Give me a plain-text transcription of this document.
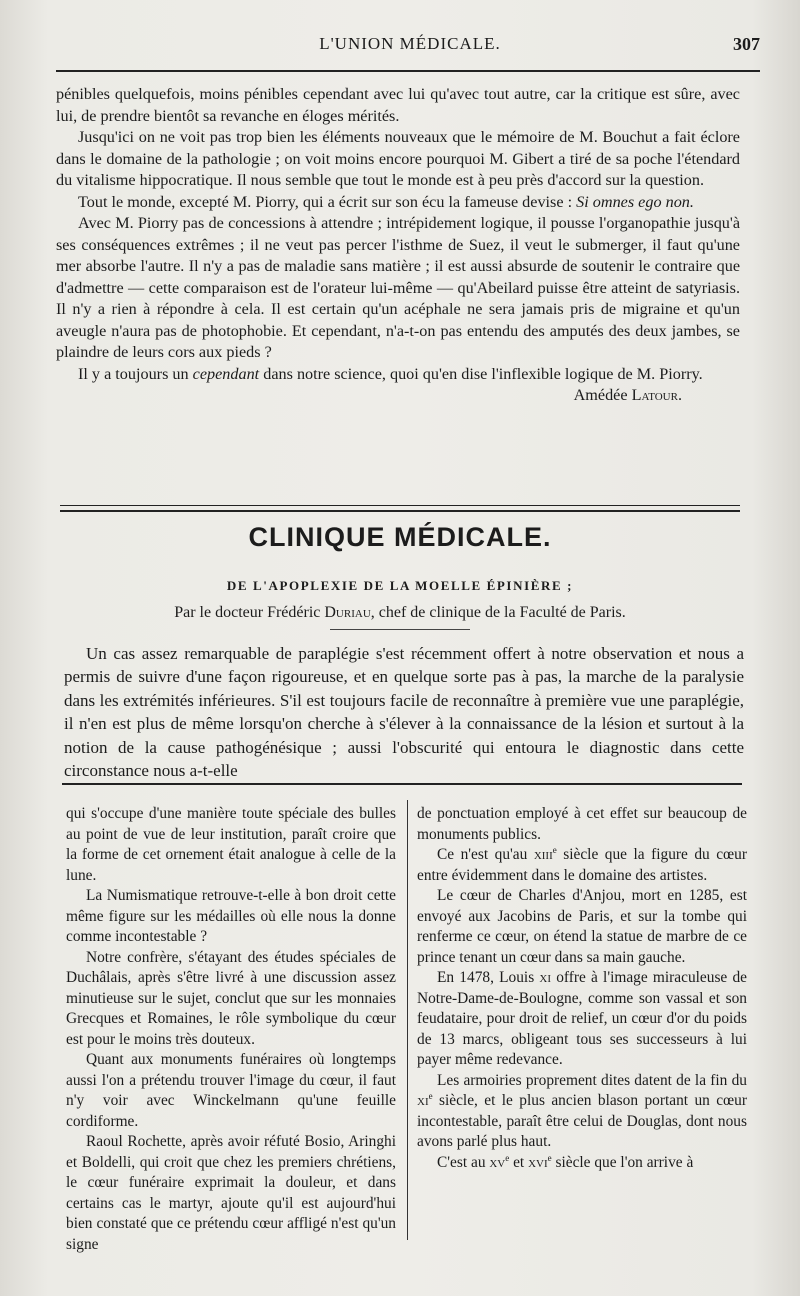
L'UNION MÉDICALE.	307

pénibles quelquefois, moins pénibles cependant avec lui qu'avec tout autre, car la critique est sûre, avec lui, de prendre bientôt sa revanche en éloges mérités.

Jusqu'ici on ne voit pas trop bien les éléments nouveaux que le mémoire de M. Bouchut a fait éclore dans le domaine de la pathologie ; on voit moins encore pourquoi M. Gibert a tiré de sa poche l'étendard du vitalisme hippocratique. Il nous semble que tout le monde est à peu près d'accord sur la question.

Tout le monde, excepté M. Piorry, qui a écrit sur son écu la fameuse devise : Si omnes ego non.

Avec M. Piorry pas de concessions à attendre ; intrépidement logique, il pousse l'organopathie jusqu'à ses conséquences extrêmes ; il ne veut pas percer l'isthme de Suez, il veut le submerger, il faut qu'une mer absorbe l'autre. Il n'y a pas de maladie sans matière ; il est aussi absurde de soutenir le contraire que d'admettre — cette comparaison est de l'orateur lui-même — qu'Abeilard puisse être atteint de satyriasis. Il n'y a rien à répondre à cela. Il est certain qu'un acéphale ne sera jamais pris de migraine et qu'un aveugle n'aura pas de photophobie. Et cependant, n'a-t-on pas entendu des amputés des deux jambes, se plaindre de leurs cors aux pieds ?

Il y a toujours un cependant dans notre science, quoi qu'en dise l'inflexible logique de M. Piorry.

Amédée Latour.

CLINIQUE MÉDICALE.
DE L'APOPLEXIE DE LA MOELLE ÉPINIÈRE ;
Par le docteur Frédéric Duriau, chef de clinique de la Faculté de Paris.

Un cas assez remarquable de paraplégie s'est récemment offert à notre observation et nous a permis de suivre d'une façon rigoureuse, et en quelque sorte pas à pas, la marche de la paralysie dans les extrémités inférieures. S'il est toujours facile de reconnaître à première vue une paraplégie, il n'en est plus de même lorsqu'on cherche à s'élever à la connaissance de la lésion et surtout à la notion de la cause pathogénésique ; aussi l'obscurité qui entoura le diagnostic dans cette circonstance nous a-t-elle

qui s'occupe d'une manière toute spéciale des bulles au point de vue de leur institution, paraît croire que la forme de cet ornement était analogue à celle de la lune.

La Numismatique retrouve-t-elle à bon droit cette même figure sur les médailles où elle nous la donne comme incontestable ?

Notre confrère, s'étayant des études spéciales de Duchâlais, après s'être livré à une discussion assez minutieuse sur le sujet, conclut que sur les monnaies Grecques et Romaines, le rôle symbolique du cœur est pour le moins très douteux.

Quant aux monuments funéraires où longtemps aussi l'on a prétendu trouver l'image du cœur, il faut n'y voir avec Winckelmann qu'une feuille cordiforme.

Raoul Rochette, après avoir réfuté Bosio, Aringhi et Boldelli, qui croit que chez les premiers chrétiens, le cœur funéraire exprimait la douleur, et dans certains cas le martyr, ajoute qu'il est aujourd'hui bien constaté que ce prétendu cœur affligé n'est qu'un signe

de ponctuation employé à cet effet sur beaucoup de monuments publics.

Ce n'est qu'au xiii$^e$ siècle que la figure du cœur entre évidemment dans le domaine des artistes.

Le cœur de Charles d'Anjou, mort en 1285, est envoyé aux Jacobins de Paris, et sur la tombe qui renferme ce cœur, on étend la statue de marbre de ce prince tenant un cœur dans sa main gauche.

En 1478, Louis xi offre à l'image miraculeuse de Notre-Dame-de-Boulogne, comme son vassal et son feudataire, pour droit de relief, un cœur d'or du poids de 13 marcs, obligeant tous ses successeurs à lui payer même redevance.

Les armoiries proprement dites datent de la fin du $xi^e$ siècle, et le plus ancien blason portant un cœur incontestable, paraît être celui de Douglas, dont nous avons parlé plus haut.

C'est au $xv^e$ et xvi$^e$ siècle que l'on arrive à
